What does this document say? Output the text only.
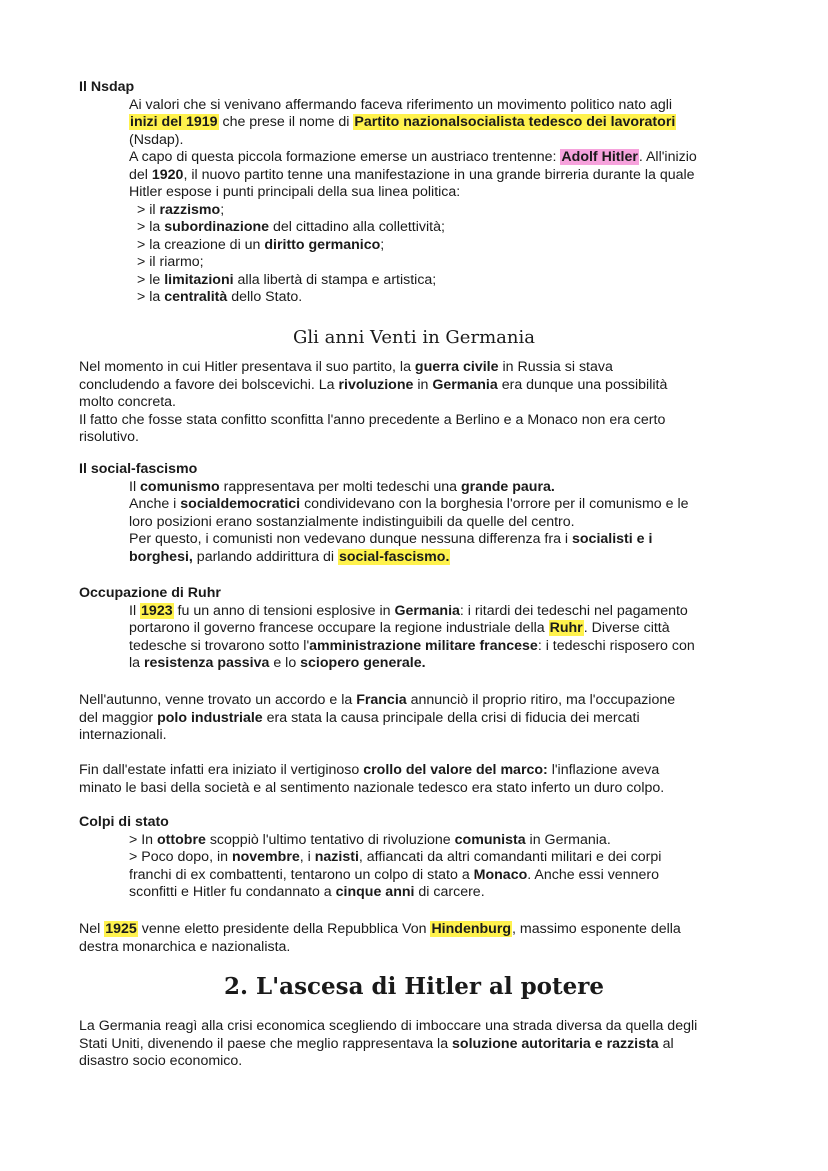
Il Nsdap
Ai valori che si venivano affermando faceva riferimento un movimento politico nato agli
inizi del 1919 che prese il nome di Partito nazionalsocialista tedesco dei lavoratori
(Nsdap).
A capo di questa piccola formazione emerse un austriaco trentenne: Adolf Hitler. All'inizio
del 1920, il nuovo partito tenne una manifestazione in una grande birreria durante la quale
Hitler espose i punti principali della sua linea politica:
> il razzismo;
> la subordinazione del cittadino alla collettività;
> la creazione di un diritto germanico;
> il riarmo;
> le limitazioni alla libertà di stampa e artistica;
> la centralità dello Stato.
Gli anni Venti in Germania
Nel momento in cui Hitler presentava il suo partito, la guerra civile in Russia si stava
concludendo a favore dei bolscevichi. La rivoluzione in Germania era dunque una possibilità
molto concreta.
Il fatto che fosse stata confitto sconfitta l'anno precedente a Berlino e a Monaco non era certo
risolutivo.
Il social-fascismo
Il comunismo rappresentava per molti tedeschi una grande paura.
Anche i socialdemocratici condividevano con la borghesia l'orrore per il comunismo e le
loro posizioni erano sostanzialmente indistinguibili da quelle del centro.
Per questo, i comunisti non vedevano dunque nessuna differenza fra i socialisti e i
borghesi, parlando addirittura di social-fascismo.
Occupazione di Ruhr
Il 1923 fu un anno di tensioni esplosive in Germania: i ritardi dei tedeschi nel pagamento
portarono il governo francese occupare la regione industriale della Ruhr. Diverse città
tedesche si trovarono sotto l'amministrazione militare francese: i tedeschi risposero con
la resistenza passiva e lo sciopero generale.
Nell'autunno, venne trovato un accordo e la Francia annunciò il proprio ritiro, ma l'occupazione
del maggior polo industriale era stata la causa principale della crisi di fiducia dei mercati
internazionali.
Fin dall'estate infatti era iniziato il vertiginoso crollo del valore del marco: l'inflazione aveva
minato le basi della società e al sentimento nazionale tedesco era stato inferto un duro colpo.
Colpi di stato
> In ottobre scoppiò l'ultimo tentativo di rivoluzione comunista in Germania.
> Poco dopo, in novembre, i nazisti, affiancati da altri comandanti militari e dei corpi
franchi di ex combattenti, tentarono un colpo di stato a Monaco. Anche essi vennero
sconfitti e Hitler fu condannato a cinque anni di carcere.
Nel 1925 venne eletto presidente della Repubblica Von Hindenburg, massimo esponente della
destra monarchica e nazionalista.
2. L'ascesa di Hitler al potere
La Germania reagì alla crisi economica scegliendo di imboccare una strada diversa da quella degli
Stati Uniti, divenendo il paese che meglio rappresentava la soluzione autoritaria e razzista al
disastro socio economico.
